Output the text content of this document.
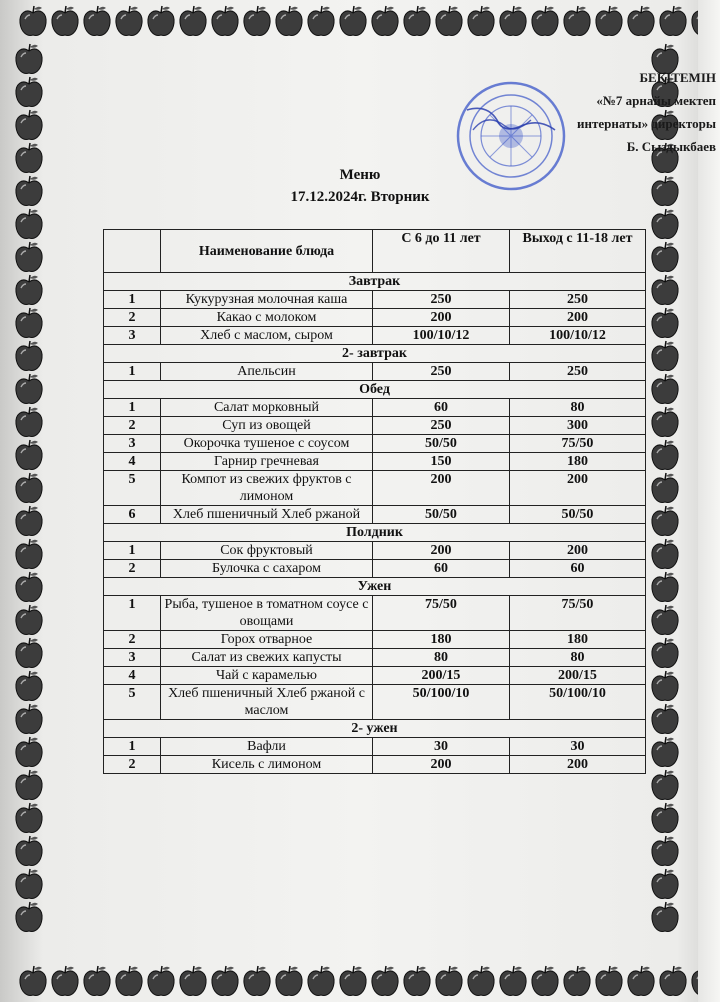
БЕКІТЕМІН
«№7 арнайы мектеп
интернаты» директоры
Б. Сыздыкбаев
Меню
17.12.2024г. Вторник
	Наименование блюда	С 6 до 11 лет	Выход с 11-18 лет
Завтрак			
1	Кукурузная молочная каша	250	250
2	Какао с молоком	200	200
3	Хлеб с маслом, сыром	100/10/12	100/10/12
2- завтрак			
1	Апельсин	250	250
Обед			
1	Салат морковный	60	80
2	Суп из овощей	250	300
3	Окорочка тушеное с соусом	50/50	75/50
4	Гарнир гречневая	150	180
5	Компот из свежих фруктов с лимоном	200	200
6	Хлеб пшеничный Хлеб ржаной	50/50	50/50
Полдник			
1	Сок фруктовый	200	200
2	Булочка с сахаром	60	60
Ужен			
1	Рыба, тушеное в томатном соусе с овощами	75/50	75/50
2	Горох отварное	180	180
3	Салат из свежих капусты	80	80
4	Чай с карамелью	200/15	200/15
5	Хлеб пшеничный Хлеб ржаной с маслом	50/100/10	50/100/10
2- ужен			
1	Вафли	30	30
2	Кисель с лимоном	200	200
